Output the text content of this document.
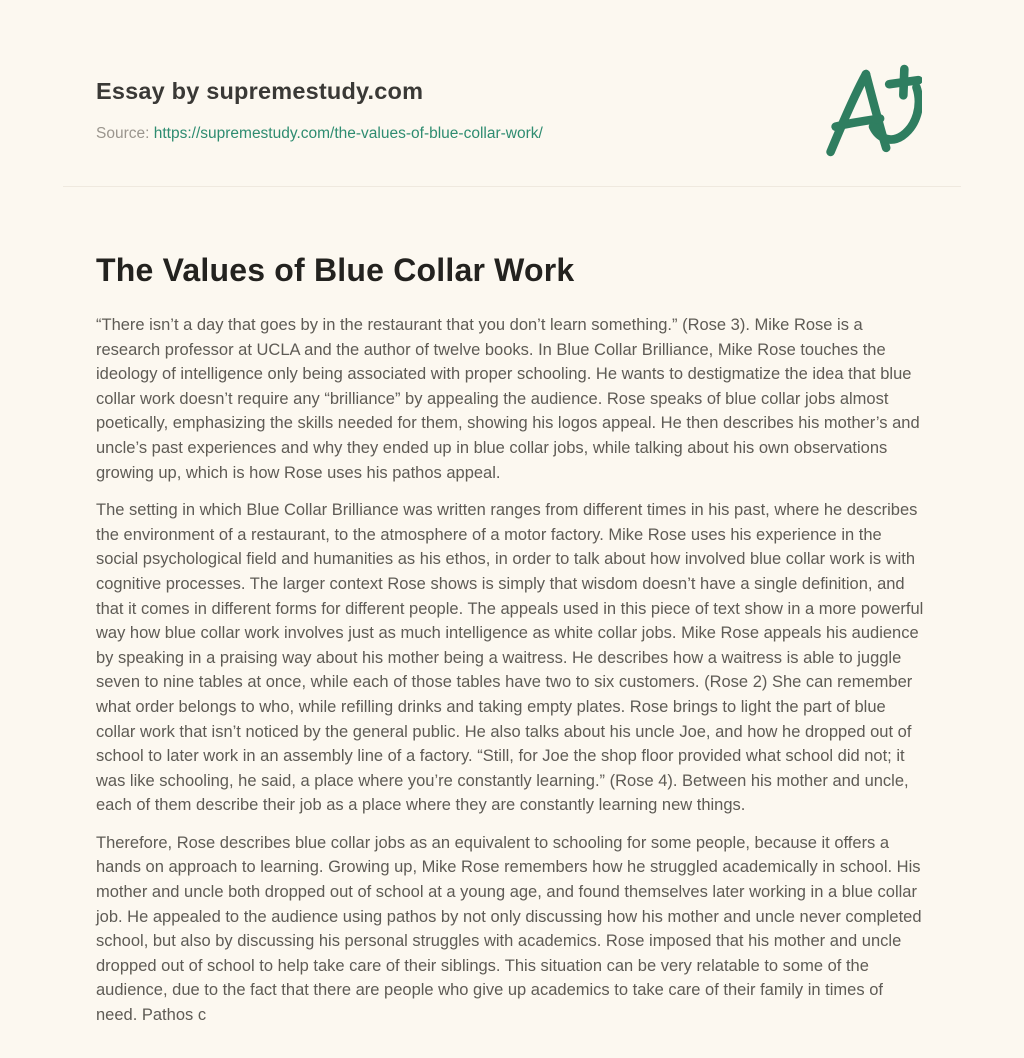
Essay by supremestudy.com

Source: https://supremestudy.com/the-values-of-blue-collar-work/

The Values of Blue Collar Work

“There isn’t a day that goes by in the restaurant that you don’t learn something.” (Rose 3). Mike Rose is a research professor at UCLA and the author of twelve books. In Blue Collar Brilliance, Mike Rose touches the ideology of intelligence only being associated with proper schooling. He wants to destigmatize the idea that blue collar work doesn’t require any “brilliance” by appealing the audience. Rose speaks of blue collar jobs almost poetically, emphasizing the skills needed for them, showing his logos appeal. He then describes his mother’s and uncle’s past experiences and why they ended up in blue collar jobs, while talking about his own observations growing up, which is how Rose uses his pathos appeal.

The setting in which Blue Collar Brilliance was written ranges from different times in his past, where he describes the environment of a restaurant, to the atmosphere of a motor factory. Mike Rose uses his experience in the social psychological field and humanities as his ethos, in order to talk about how involved blue collar work is with cognitive processes. The larger context Rose shows is simply that wisdom doesn’t have a single definition, and that it comes in different forms for different people. The appeals used in this piece of text show in a more powerful way how blue collar work involves just as much intelligence as white collar jobs. Mike Rose appeals his audience by speaking in a praising way about his mother being a waitress. He describes how a waitress is able to juggle seven to nine tables at once, while each of those tables have two to six customers. (Rose 2) She can remember what order belongs to who, while refilling drinks and taking empty plates. Rose brings to light the part of blue collar work that isn’t noticed by the general public. He also talks about his uncle Joe, and how he dropped out of school to later work in an assembly line of a factory. “Still, for Joe the shop floor provided what school did not; it was like schooling, he said, a place where you’re constantly learning.” (Rose 4). Between his mother and uncle, each of them describe their job as a place where they are constantly learning new things.

Therefore, Rose describes blue collar jobs as an equivalent to schooling for some people, because it offers a hands on approach to learning. Growing up, Mike Rose remembers how he struggled academically in school. His mother and uncle both dropped out of school at a young age, and found themselves later working in a blue collar job. He appealed to the audience using pathos by not only discussing how his mother and uncle never completed school, but also by discussing his personal struggles with academics. Rose imposed that his mother and uncle dropped out of school to help take care of their siblings. This situation can be very relatable to some of the audience, due to the fact that there are people who give up academics to take care of their family in times of need. Pathos c
